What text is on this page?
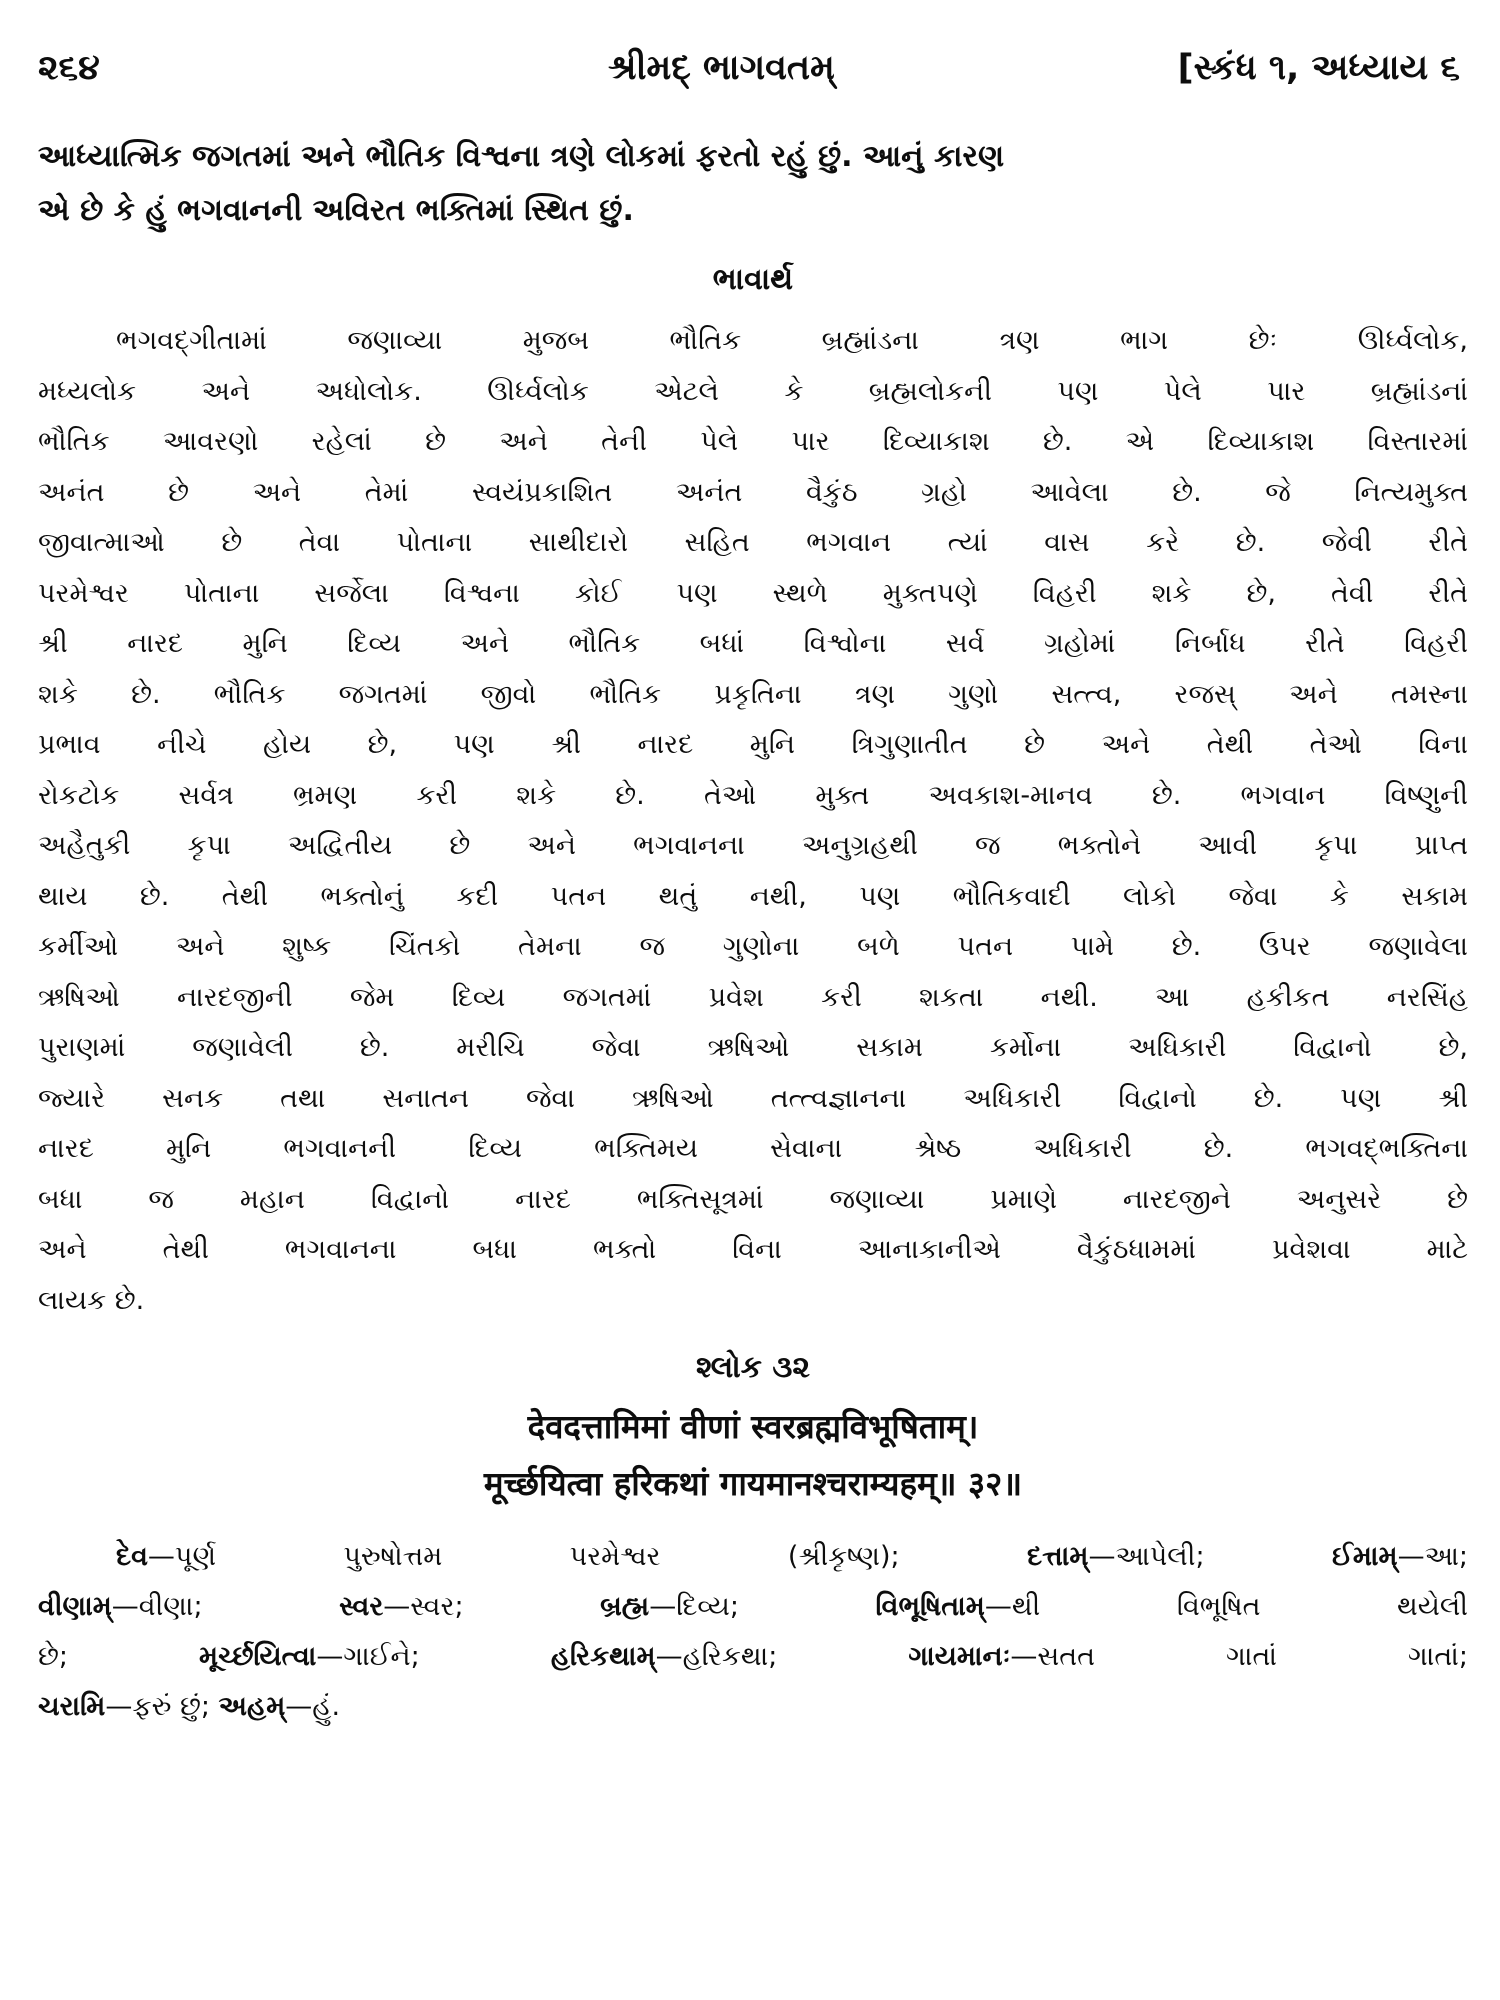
૨૬૪	શ્રીમદ્ ભાગવતમ્	[સ્કંધ ૧, અધ્યાય ૬
આધ્યાત્મિક જગતમાં અને ભૌતિક વિશ્વના ત્રણે લોકમાં ફરતો રહું છું. આનું કારણ
એ છે કે હું ભગવાનની અવિરત ભક્તિમાં સ્થિત છું.
ભાવાર્થ
ભગવદ્ગીતામાં જણાવ્યા મુજબ ભૌતિક બ્રહ્માંડના ત્રણ ભાગ છેઃ ઊર્ધ્વલોક,
મધ્યલોક અને અધોલોક. ઊર્ધ્વલોક એટલે કે બ્રહ્મલોકની પણ પેલે પાર બ્રહ્માંડનાં
ભૌતિક આવરણો રહેલાં છે અને તેની પેલે પાર દિવ્યાકાશ છે. એ દિવ્યાકાશ વિસ્તારમાં
અનંત છે અને તેમાં સ્વયંપ્રકાશિત અનંત વૈકુંઠ ગ્રહો આવેલા છે. જે નિત્યમુક્ત
જીવાત્માઓ છે તેવા પોતાના સાથીદારો સહિત ભગવાન ત્યાં વાસ કરે છે. જેવી રીતે
પરમેશ્વર પોતાના સર્જેલા વિશ્વના કોઈ પણ સ્થળે મુક્તપણે વિહરી શકે છે, તેવી રીતે
શ્રી નારદ મુનિ દિવ્ય અને ભૌતિક બધાં વિશ્વોના સર્વ ગ્રહોમાં નિર્બાધ રીતે વિહરી
શકે છે. ભૌતિક જગતમાં જીવો ભૌતિક પ્રકૃતિના ત્રણ ગુણો સત્ત્વ, રજસ્ અને તમસ્ના
પ્રભાવ નીચે હોય છે, પણ શ્રી નારદ મુનિ ત્રિગુણાતીત છે અને તેથી તેઓ વિના
રોકટોક સર્વત્ર ભ્રમણ કરી શકે છે. તેઓ મુક્ત અવકાશ-માનવ છે. ભગવાન વિષ્ણુની
અહૈતુકી કૃપા અદ્વિતીય છે અને ભગવાનના અનુગ્રહથી જ ભક્તોને આવી કૃપા પ્રાપ્ત
થાય છે. તેથી ભક્તોનું કદી પતન થતું નથી, પણ ભૌતિકવાદી લોકો જેવા કે સકામ
કર્મીઓ અને શુષ્ક ચિંતકો તેમના જ ગુણોના બળે પતન પામે છે. ઉપર જણાવેલા
ઋષિઓ નારદજીની જેમ દિવ્ય જગતમાં પ્રવેશ કરી શકતા નથી. આ હકીકત નરસિંહ
પુરાણમાં જણાવેલી છે. મરીચિ જેવા ઋષિઓ સકામ કર્મોના અધિકારી વિદ્વાનો છે,
જ્યારે સનક તથા સનાતન જેવા ઋષિઓ તત્ત્વજ્ઞાનના અધિકારી વિદ્વાનો છે. પણ શ્રી
નારદ મુનિ ભગવાનની દિવ્ય ભક્તિમય સેવાના શ્રેષ્ઠ અધિકારી છે. ભગવદ્ભક્તિના
બધા જ મહાન વિદ્વાનો નારદ ભક્તિસૂત્રમાં જણાવ્યા પ્રમાણે નારદજીને અનુસરે છે
અને તેથી ભગવાનના બધા ભક્તો વિના આનાકાનીએ વૈકુંઠધામમાં પ્રવેશવા માટે
લાયક છે.
શ્લોક ૩૨
देवदत्तामिमां वीणां स्वरब्रह्मविभूषिताम्।
मूर्च्छयित्वा हरिकथां गायमानश्चराम्यहम्॥ ३२॥
દેવ—પૂર્ણ પુરુષોત્તમ પરમેશ્વર (શ્રીકૃષ્ણ); દત્તામ્—આપેલી; ઈમામ્—આ;
વીણામ્—વીણા; સ્વર—સ્વર; બ્રહ્મ—દિવ્ય; વિભૂષિતામ્—થી વિભૂષિત થયેલી
છે; મૂર્ચ્છયિત્વા—ગાઈને; હરિકથામ્—હરિકથા; ગાયમાનઃ—સતત ગાતાં ગાતાં;
ચરામિ—ફરું છું; અહમ્—હું.
